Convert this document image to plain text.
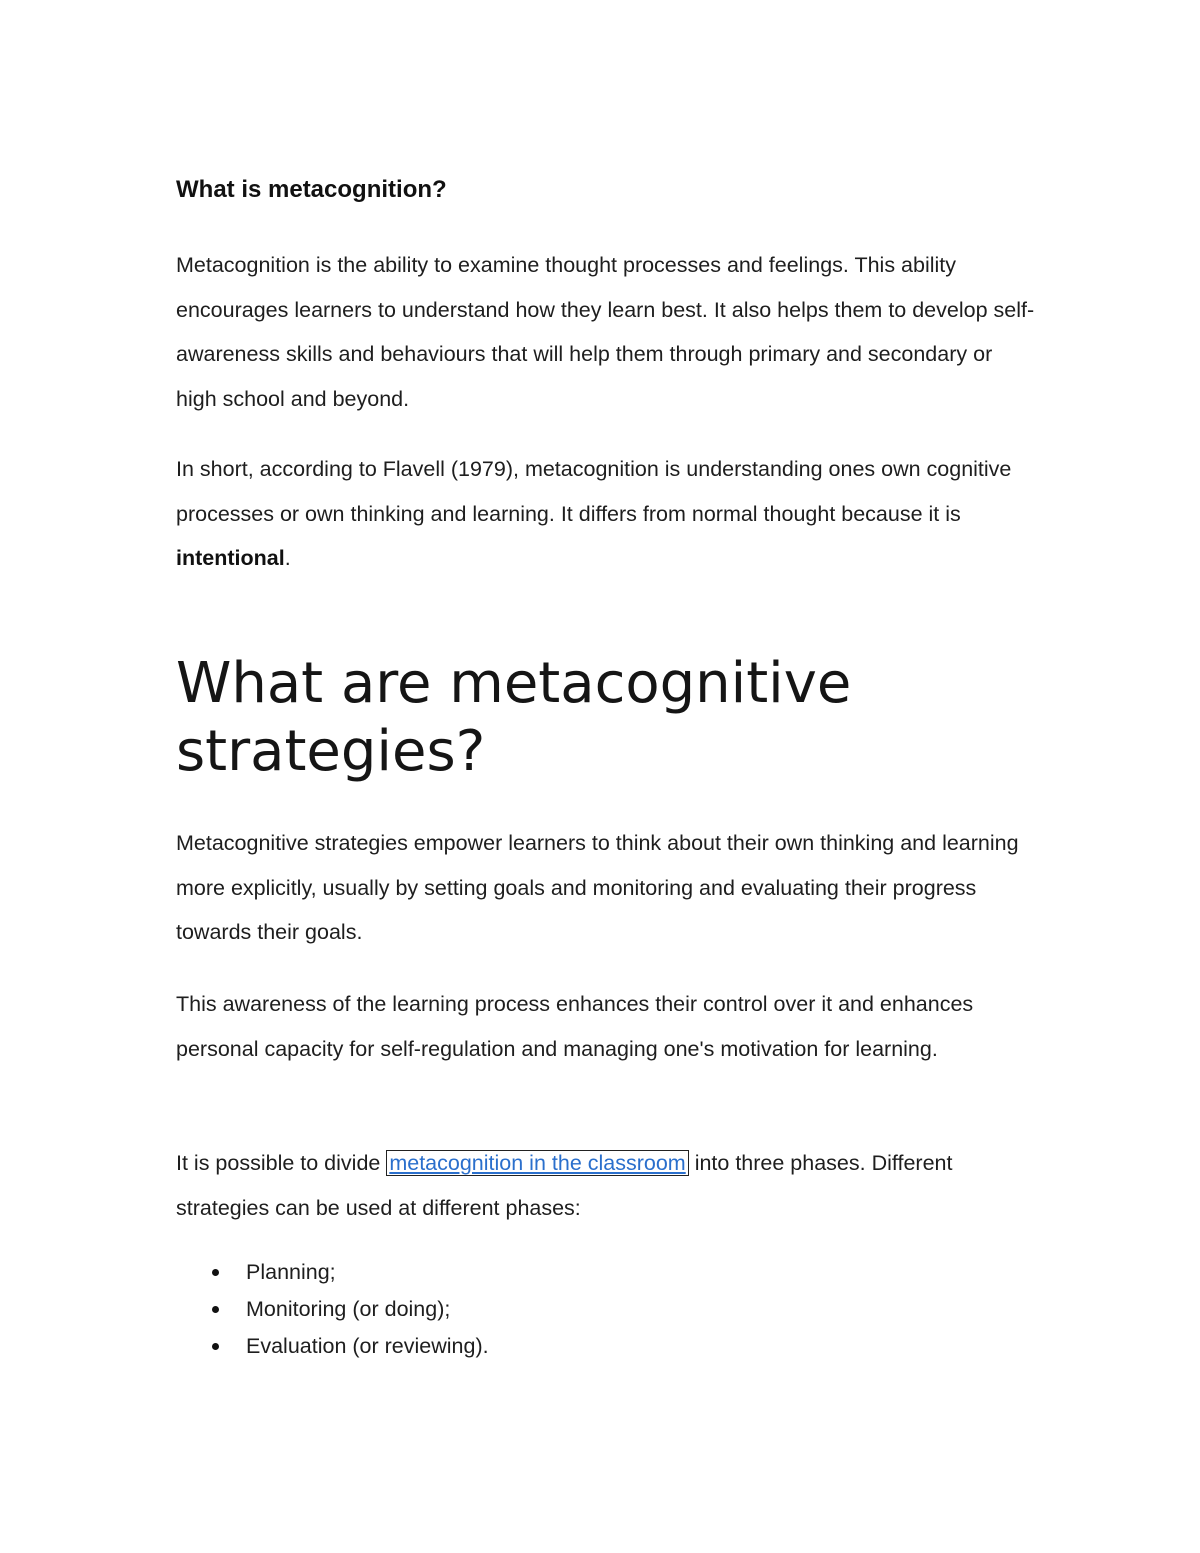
What is metacognition?

Metacognition is the ability to examine thought processes and feelings. This ability encourages learners to understand how they learn best. It also helps them to develop self-awareness skills and behaviours that will help them through primary and secondary or high school and beyond.

In short, according to Flavell (1979), metacognition is understanding ones own cognitive processes or own thinking and learning. It differs from normal thought because it is intentional.

What are metacognitive strategies?

Metacognitive strategies empower learners to think about their own thinking and learning more explicitly, usually by setting goals and monitoring and evaluating their progress towards their goals.

This awareness of the learning process enhances their control over it and enhances personal capacity for self-regulation and managing one's motivation for learning.

It is possible to divide metacognition in the classroom into three phases. Different strategies can be used at different phases:

Planning;
Monitoring (or doing);
Evaluation (or reviewing).
